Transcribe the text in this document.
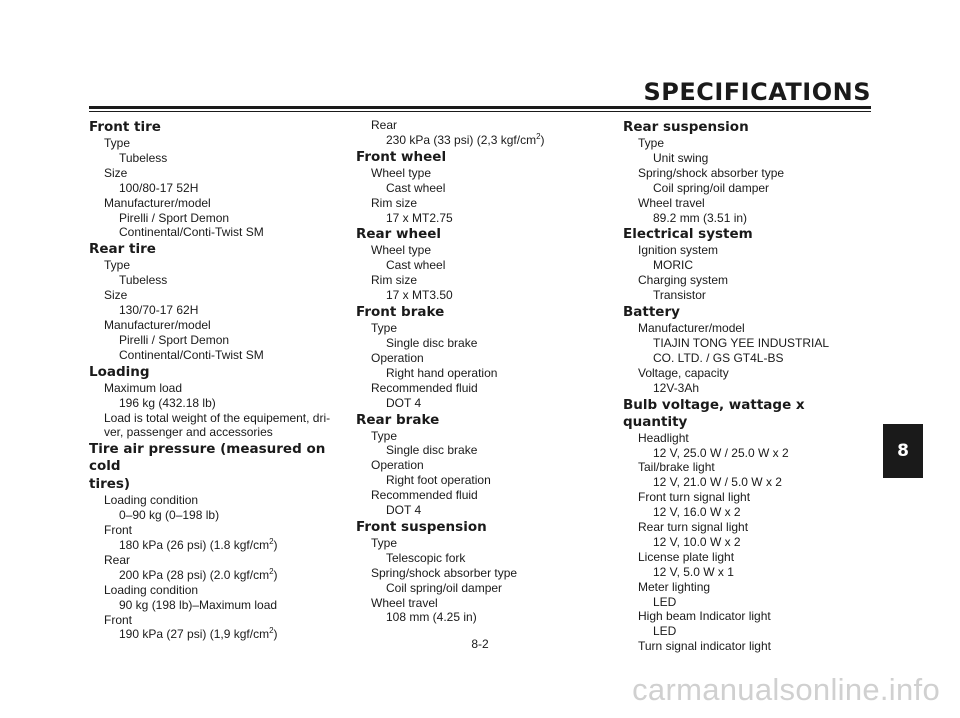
SPECIFICATIONS
Front tire
Type
Tubeless
Size
100/80-17 52H
Manufacturer/model
Pirelli / Sport Demon
Continental/Conti-Twist SM
Rear tire
Type
Tubeless
Size
130/70-17 62H
Manufacturer/model
Pirelli / Sport Demon
Continental/Conti-Twist SM
Loading
Maximum load
196 kg (432.18 lb)
Load is total weight of the equipement, dri-
ver, passenger and accessories
Tire air pressure (measured on cold
tires)
Loading condition
0–90 kg (0–198 lb)
Front
180 kPa (26 psi) (1.8 kgf/$cm^2$)
Rear
200 kPa (28 psi) (2.0 kgf/$cm^2$)
Loading condition
90 kg (198 lb)–Maximum load
Front
190 kPa (27 psi) (1,9 kgf/$cm^2$)
Rear
230 kPa (33 psi) (2,3 kgf/$cm^2$)
Front wheel
Wheel type
Cast wheel
Rim size
17 x MT2.75
Rear wheel
Wheel type
Cast wheel
Rim size
17 x MT3.50
Front brake
Type
Single disc brake
Operation
Right hand operation
Recommended fluid
DOT 4
Rear brake
Type
Single disc brake
Operation
Right foot operation
Recommended fluid
DOT 4
Front suspension
Type
Telescopic fork
Spring/shock absorber type
Coil spring/oil damper
Wheel travel
108 mm (4.25 in)
Rear suspension
Type
Unit swing
Spring/shock absorber type
Coil spring/oil damper
Wheel travel
89.2 mm (3.51 in)
Electrical system
Ignition system
MORIC
Charging system
Transistor
Battery
Manufacturer/model
TIAJIN TONG YEE INDUSTRIAL
CO. LTD. / GS GT4L-BS
Voltage, capacity
12V-3Ah
Bulb voltage, wattage x quantity
Headlight
12 V, 25.0 W / 25.0 W x 2
Tail/brake light
12 V, 21.0 W / 5.0 W x 2
Front turn signal light
12 V, 16.0 W x 2
Rear turn signal light
12 V, 10.0 W x 2
License plate light
12 V, 5.0 W x 1
Meter lighting
LED
High beam Indicator light
LED
Turn signal indicator light
8-2
8
carmanualsonline.info
